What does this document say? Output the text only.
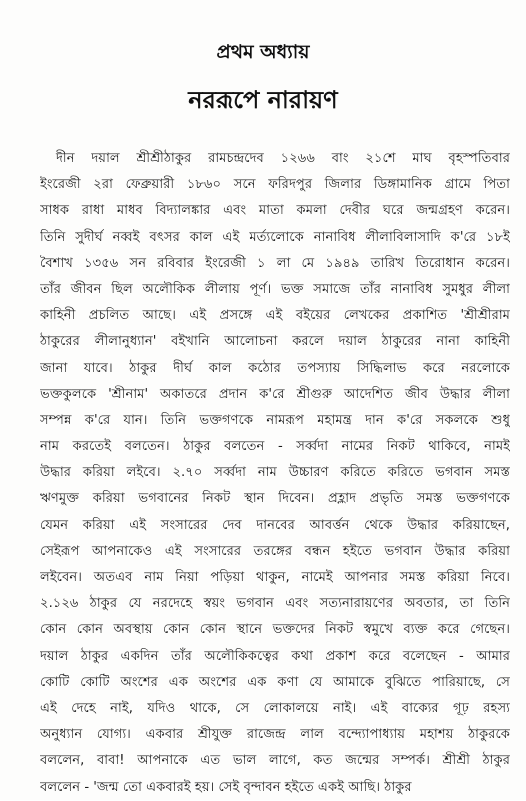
প্রথম অধ্যায়
নররূপে নারায়ণ
দীন দয়াল শ্রীশ্রীঠাকুর রামচন্দ্রদেব ১২৬৬ বাং ২১শে মাঘ বৃহস্পতিবার
ইংরেজী ২রা ফেব্রুয়ারী ১৮৬০ সনে ফরিদপুর জিলার ডিঙ্গামানিক গ্রামে পিতা
সাধক রাধা মাধব বিদ্যালঙ্কার এবং মাতা কমলা দেবীর ঘরে জন্মগ্রহণ করেন।
তিনি সুদীর্ঘ নব্বই বৎসর কাল এই মর্ত্যলোকে নানাবিধ লীলাবিলাসাদি ক'রে ১৮ই
বৈশাখ ১৩৫৬ সন রবিবার ইংরেজী ১ লা মে ১৯৪৯ তারিখ তিরোধান করেন।
তাঁর জীবন ছিল অলৌকিক লীলায় পূর্ণ। ভক্ত সমাজে তাঁর নানাবিধ সুমধুর লীলা
কাহিনী প্রচলিত আছে। এই প্রসঙ্গে এই বইয়ের লেখকের প্রকাশিত 'শ্রীশ্রীরাম
ঠাকুরের লীলানুধ্যান' বইখানি আলোচনা করলে দয়াল ঠাকুরের নানা কাহিনী
জানা যাবে। ঠাকুর দীর্ঘ কাল কঠোর তপস্যায় সিদ্ধিলাভ করে নরলোকে
ভক্তকুলকে 'শ্রীনাম' অকাতরে প্রদান ক'রে শ্রীগুরু আদেশিত জীব উদ্ধার লীলা
সম্পন্ন ক'রে যান। তিনি ভক্তগণকে নামরূপ মহামন্ত্র দান ক'রে সকলকে শুধু
নাম করতেই বলতেন। ঠাকুর বলতেন - সর্ব্বদা নামের নিকট থাকিবে, নামই
উদ্ধার করিয়া লইবে। ২.৭০ সর্ব্বদা নাম উচ্চারণ করিতে করিতে ভগবান সমস্ত
ঋণমুক্ত করিয়া ভগবানের নিকট স্থান দিবেন। প্রহ্লাদ প্রভৃতি সমস্ত ভক্তগণকে
যেমন করিয়া এই সংসারের দেব দানবের আবর্ত্তন থেকে উদ্ধার করিয়াছেন,
সেইরূপ আপনাকেও এই সংসারের তরঙ্গের বন্ধন হইতে ভগবান উদ্ধার করিয়া
লইবেন। অতএব নাম নিয়া পড়িয়া থাকুন, নামেই আপনার সমস্ত করিয়া নিবে।
২.১২৬ ঠাকুর যে নরদেহে স্বয়ং ভগবান এবং সত্যনারায়ণের অবতার, তা তিনি
কোন কোন অবস্থায় কোন কোন স্থানে ভক্তদের নিকট স্বমুখে ব্যক্ত করে গেছেন।
দয়াল ঠাকুর একদিন তাঁর অলৌকিকত্বের কথা প্রকাশ করে বলেছেন - আমার
কোটি কোটি অংশের এক অংশের এক কণা যে আমাকে বুঝিতে পারিয়াছে, সে
এই দেহে নাই, যদিও থাকে, সে লোকালয়ে নাই। এই বাক্যের গূঢ় রহস্য
অনুধ্যান যোগ্য। একবার শ্রীযুক্ত রাজেন্দ্র লাল বন্দ্যোপাধ্যায় মহাশয় ঠাকুরকে
বললেন, বাবা! আপনাকে এত ভাল লাগে, কত জন্মের সম্পর্ক। শ্রীশ্রী ঠাকুর
বললেন - 'জন্ম তো একবারই হয়। সেই বৃন্দাবন হইতে একই আছি। ঠাকুর
